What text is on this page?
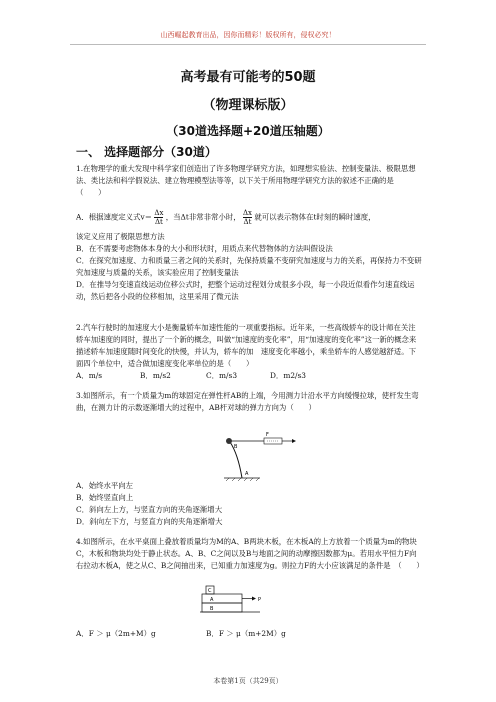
山西崛起教育出品，因你而精彩！版权所有，侵权必究！
高考最有可能考的50题
（物理课标版）
（30道选择题+20道压轴题）
一、 选择题部分（30道）

1.在物理学的重大发现中科学家们创造出了许多物理学研究方法，如理想实验法、控制变量法、极限思想法、类比法和科学假说法、建立物理模型法等等，以下关于所用物理学研究方法的叙述不正确的是　（　　）

A．根据速度定义式$v= \frac{\Delta x}{\Delta t}$ ，当Δt非常非常小时， $\frac{\Delta x}{\Delta t}$ 就可以表示物体在t时刻的瞬时速度，
该定义应用了极限思想方法
B．在不需要考虑物体本身的大小和形状时，用质点来代替物体的方法叫假设法

C．在探究加速度、力和质量三者之间的关系时，先保持质量不变研究加速度与力的关系，再保持力不变研究加速度与质量的关系，该实验应用了控制变量法

D．在推导匀变速直线运动位移公式时，把整个运动过程划分成很多小段，每一小段近似看作匀速直线运动，然后把各小段的位移相加，这里采用了微元法

2.汽车行驶时的加速度大小是衡量轿车加速性能的一项重要指标。近年来，一些高级轿车的设计师在关注轿车加速度的同时，提出了一个新的概念，叫做“加速度的变化率”，用“加速度的变化率”这一新的概念来描述轿车加速度随时间变化的快慢，并认为，轿车的加　速度变化率越小，乘坐轿车的人感觉越舒适。下面四个单位中，适合做加速度变化率单位的是（　　）

A．m/s	B．m/s2	C．m/s3	D．m2/s3

3.如图所示，有一个质量为m的球固定在弹性杆AB的上端，今用测力计沿水平方向缓慢拉球，使杆发生弯曲，在测力计的示数逐渐增大的过程中，AB杆对球的弹力方向为（　　）

F
B
A
A．始终水平向左
B．始终竖直向上
C．斜向左上方，与竖直方向的夹角逐渐增大
D．斜向左下方，与竖直方向的夹角逐渐增大

4.如图所示，在水平桌面上叠放着质量均为M的A、B两块木板，在木板A的上方放着一个质量为m的物块C，木板和物块均处于静止状态。A、B、C之间以及B与地面之间的动摩擦因数都为μ。若用水平恒力F向右拉动木板A，使之从C、B之间抽出来，已知重力加速度为g。则拉力F的大小应该满足的条件是　（　　）

C
A
B
P
A．F ＞ μ（2m+M）g	B．F ＞ μ（m+2M）g
本卷第1页（共29页）
